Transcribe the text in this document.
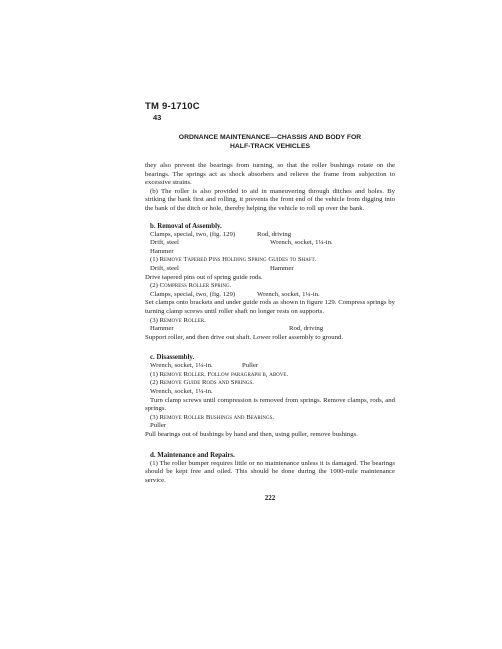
TM 9-1710C
43
ORDNANCE MAINTENANCE—CHASSIS AND BODY FOR
HALF-TRACK VEHICLES

they also prevent the bearings from turning, so that the roller bushings rotate on the bearings. The springs act as shock absorbers and relieve the frame from subjection to excessive strains.

(b) The roller is also provided to aid in maneuvering through ditches and holes. By striking the bank first and rolling, it prevents the front end of the vehicle from digging into the bank of the ditch or hole, thereby helping the vehicle to roll up over the bank.

b. Removal of Assembly.
Clamps, special, two, (fig. 129)	Rod, driving
Drift, steel	Wrench, socket, 1¼-in.
Hammer
(1) Remove Tapered Pins Holding Spring Guides to Shaft.
Drift, steel	Hammer

Drive tapered pins out of spring guide rods.

(2) Compress Roller Spring.
Clamps, special, two, (fig. 129)	Wrench, socket, 1¼-in.

Set clamps onto brackets and under guide rods as shown in figure 129. Compress springs by turning clamp screws until roller shaft no longer rests on supports.

(3) Remove Roller.
Hammer	Rod, driving

Support roller, and then drive out shaft. Lower roller assembly to ground.

c. Disassembly.
Wrench, socket, 1¼-in.	Puller
(1) Remove Roller. Follow paragraph b, above.
(2) Remove Guide Rods and Springs.
Wrench, socket, 1¼-in.

Turn clamp screws until compression is removed from springs. Remove clamps, rods, and springs.

(3) Remove Roller Bushings and Bearings.
Puller

Pull bearings out of bushings by hand and then, using puller, remove bushings.

d. Maintenance and Repairs.

(1) The roller bumper requires little or no maintenance unless it is damaged. The bearings should be kept free and oiled. This should be done during the 1000-mile maintenance service.

222
